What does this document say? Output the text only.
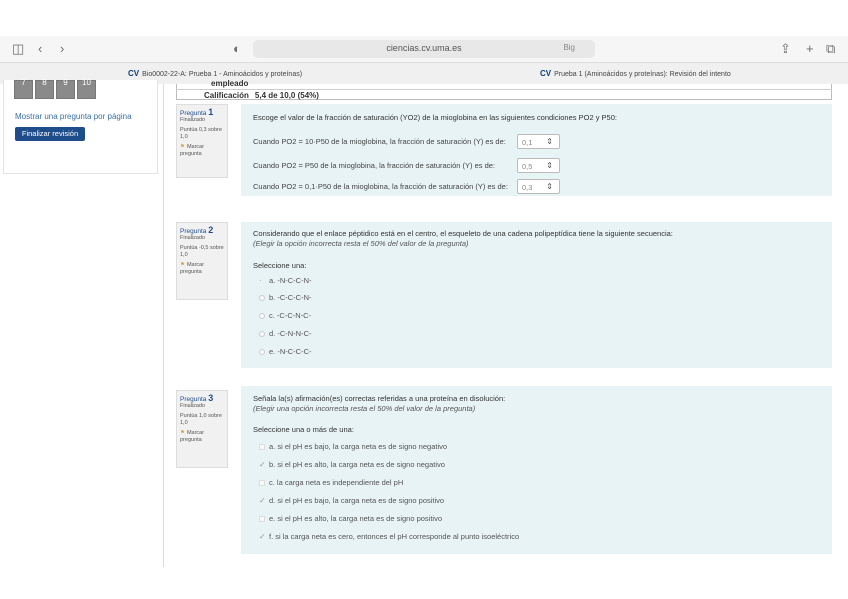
◫ ‹ ›	◐	ciencias.cv.uma.es	Big	⇪ + ⧉
CV Bio0002-22-A: Prueba 1 - Aminoácidos y proteínas)	CV Prueba 1 (Aminoácidos y proteínas): Revisión del intento
7	8	9	10
Mostrar una pregunta por página
Finalizar revisión
empleado
Calificación 5,4 de 10,0 (54%)
Pregunta 1
Finalizado
Puntúa 0,3 sobre 1,0
⚑ Marcar pregunta
Escoge el valor de la fracción de saturación (YO2) de la mioglobina en las siguientes condiciones PO2 y P50:
Cuando PO2 = 10·P50 de la mioglobina, la fracción de saturación (Y) es de: 0,1 ⇕
Cuando PO2 = P50 de la mioglobina, la fracción de saturación (Y) es de:	0,5 ⇕
Cuando PO2 = 0,1·P50 de la mioglobina, la fracción de saturación (Y) es de: 0,3 ⇕
Pregunta 2
Finalizado
Puntúa -0,5 sobre 1,0
⚑ Marcar pregunta
Considerando que el enlace péptidico está en el centro, el esqueleto de una cadena polipeptídica tiene la siguiente secuencia:
(Elegir la opción incorrecta resta el 50% del valor de la pregunta)
Seleccione una:
· a. -N-C-C-N-
b. -C-C-C-N-
c. -C-C-N-C-
d. -C-N-N-C-
e. -N-C-C-C-
Pregunta 3
Finalizado
Puntúa 1,0 sobre 1,0
⚑ Marcar pregunta
Señala la(s) afirmación(es) correctas referidas a una proteína en disolución:
(Elegir una opción incorrecta resta el 50% del valor de la pregunta)
Seleccione una o más de una:
a. si el pH es bajo, la carga neta es de signo negativo
✓ b. si el pH es alto, la carga neta es de signo negativo
c. la carga neta es independiente del pH
✓ d. si el pH es bajo, la carga neta es de signo positivo
e. si el pH es alto, la carga neta es de signo positivo
✓ f. si la carga neta es cero, entonces el pH corresponde al punto isoeléctrico
